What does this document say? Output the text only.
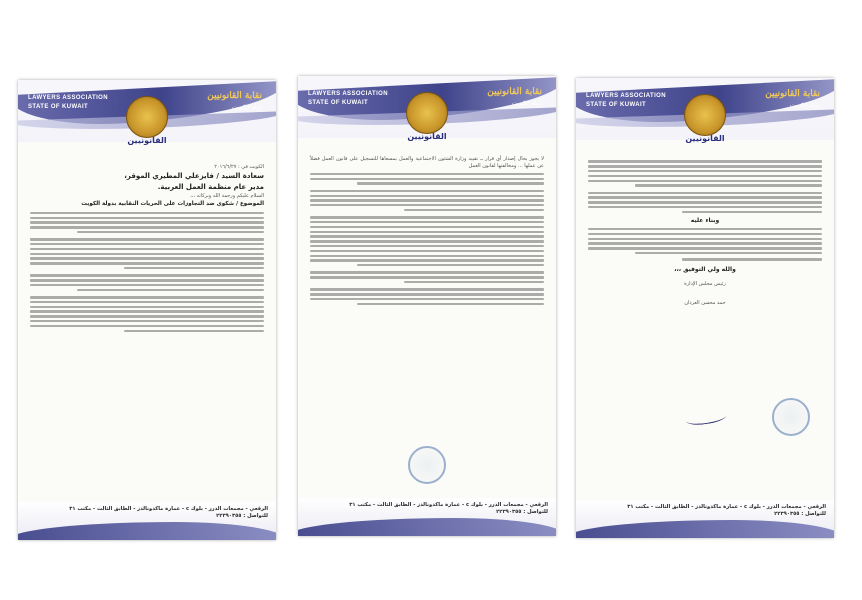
LAWYERS ASSOCIATION
STATE OF KUWAIT
نقابة القانونيين
دولة الكويت
القانونيين
الكويت في : ٢٠١٦/٦/٢٧
سعادة السيد / فايزعلي المطيري الموقر،
مدير عام منظمة العمل العربية.
السلام عليكم ورحمة الله وبركاته ،،،
الموضوع / شكوى ضد التجاوزات على الحريات النقابية بدولة الكويت
الرقعي - مجمعات الدرر - بلوك c - عمارة ماكدونالدز - الطابق الثالث - مكتب ٣١
للتواصل : ٢٢٣٩٠٣٥٥
LAWYERS ASSOCIATION
STATE OF KUWAIT
نقابة القانونيين
دولة الكويت
القانونيين
لا يجوز بحال إصدار أي قرار ــ تقييد وزارة الشئون الاجتماعية والعمل بمسعاها للتسجيل على قانون العمل فضلاً عن عملها ... ومخالفتها لقانون العمل
الرقعي - مجمعات الدرر - بلوك c - عمارة ماكدونالدز - الطابق الثالث - مكتب ٣١
للتواصل : ٢٢٣٩٠٣٥٥
LAWYERS ASSOCIATION
STATE OF KUWAIT
نقابة القانونيين
دولة الكويت
القانونيين
وبناء عليه
والله ولي التوفيق ،،،
رئيس مجلس الإدارة
حمد محسن العردان
الرقعي - مجمعات الدرر - بلوك c - عمارة ماكدونالدز - الطابق الثالث - مكتب ٣١
للتواصل : ٢٢٣٩٠٣٥٥
